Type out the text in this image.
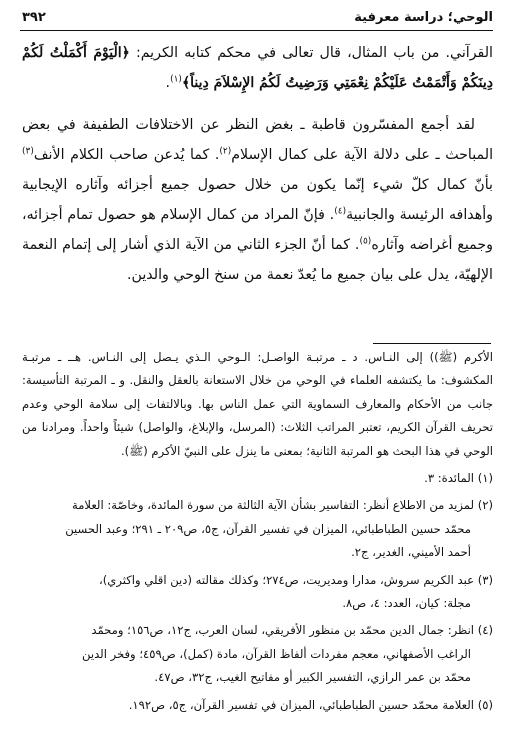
الوحي؛ دراسة معرفية
٣٩٢

القرآني. من باب المثال، قال تعالى في محكم كتابه الكريم: ﴿الْيَوْمَ أَكْمَلْتُ لَكُمْ دِينَكُمْ وَأَتْمَمْتُ عَلَيْكُمْ نِعْمَتِي وَرَضِيتُ لَكُمُ الإِسْلاَمَ دِيناً﴾$^{(١)}$.

لقد أجمع المفسّرون قاطبة ـ بغض النظر عن الاختلافات الطفيفة في بعض المباحث ـ على دلالة الآية على كمال الإسلام$^{(٢)}$. كما يُدعن صاحب الكلام الأنف$^{(٣)}$ بأنّ كمال كلّ شيء إنّما يكون من خلال حصول جميع أجزائه وآثاره الإيجابية وأهدافه الرئيسة والجانبية$^{(٤)}$. فإنّ المراد من كمال الإسلام هو حصول تمام أجزائه، وجميع أغراضه وآثاره$^{(٥)}$. كما أنّ الجزء الثاني من الآية الذي أشار إلى إتمام النعمة الإلهيّة، يدل على بيان جميع ما يُعدّ نعمة من سنخ الوحي والدين.

الأكرم (ﷺ)) إلى النـاس. د ـ مرتبـة الواصـل: الـوحي الـذي يـصل إلى النـاس. هــ ـ مرتبـة المكشوف: ما يكتشفه العلماء في الوحي من خلال الاستعانة بالعقل والنقل. و ـ المرتبة التأسيسة: جانب من الأحكام والمعارف السماوية التي عمل الناس بها. وبالالتفات إلى سلامة الوحي وعدم تحريف القرآن الكريم، تعتبر المراتب الثلاث: (المرسل، والإبلاغ، والواصل) شيئاً واحداً. ومرادنا من الوحي في هذا البحث هو المرتبة الثانية؛ بمعنى ما ينزل على النبيّ الأكرم (ﷺ).

(١) المائدة: ٣.

(٢) لمزيد من الاطلاع أنظر: التفاسير بشأن الآية الثالثة من سورة المائدة، وخاصّة: العلامة
محمّد حسين الطباطبائي، الميزان في تفسير القرآن، ج٥، ص٢٠٩ ـ ٢٩١؛ وعبد الحسين
أحمد الأميني، الغدير، ج٢.

(٣) عبد الكريم سروش، مدارا ومديريت، ص٢٧٤؛ وكذلك مقالته (دين اقلي واكثري)،
مجلة: كيان، العدد: ٤، ص٨.

(٤) انظر: جمال الدين محمّد بن منظور الأفريقي، لسان العرب، ج١٢، ص١٥٦؛ ومحمّد
الراغب الأصفهاني، معجم مفردات ألفاظ القرآن، مادة (كمل)، ص٤٥٩؛ وفخر الدين
محمّد بن عمر الرازي، التفسير الكبير أو مفاتيح الغيب، ج٣٢، ص٤٧.

(٥) العلامة محمّد حسين الطباطبائي، الميزان في تفسير القرآن، ج٥، ص١٩٢.
